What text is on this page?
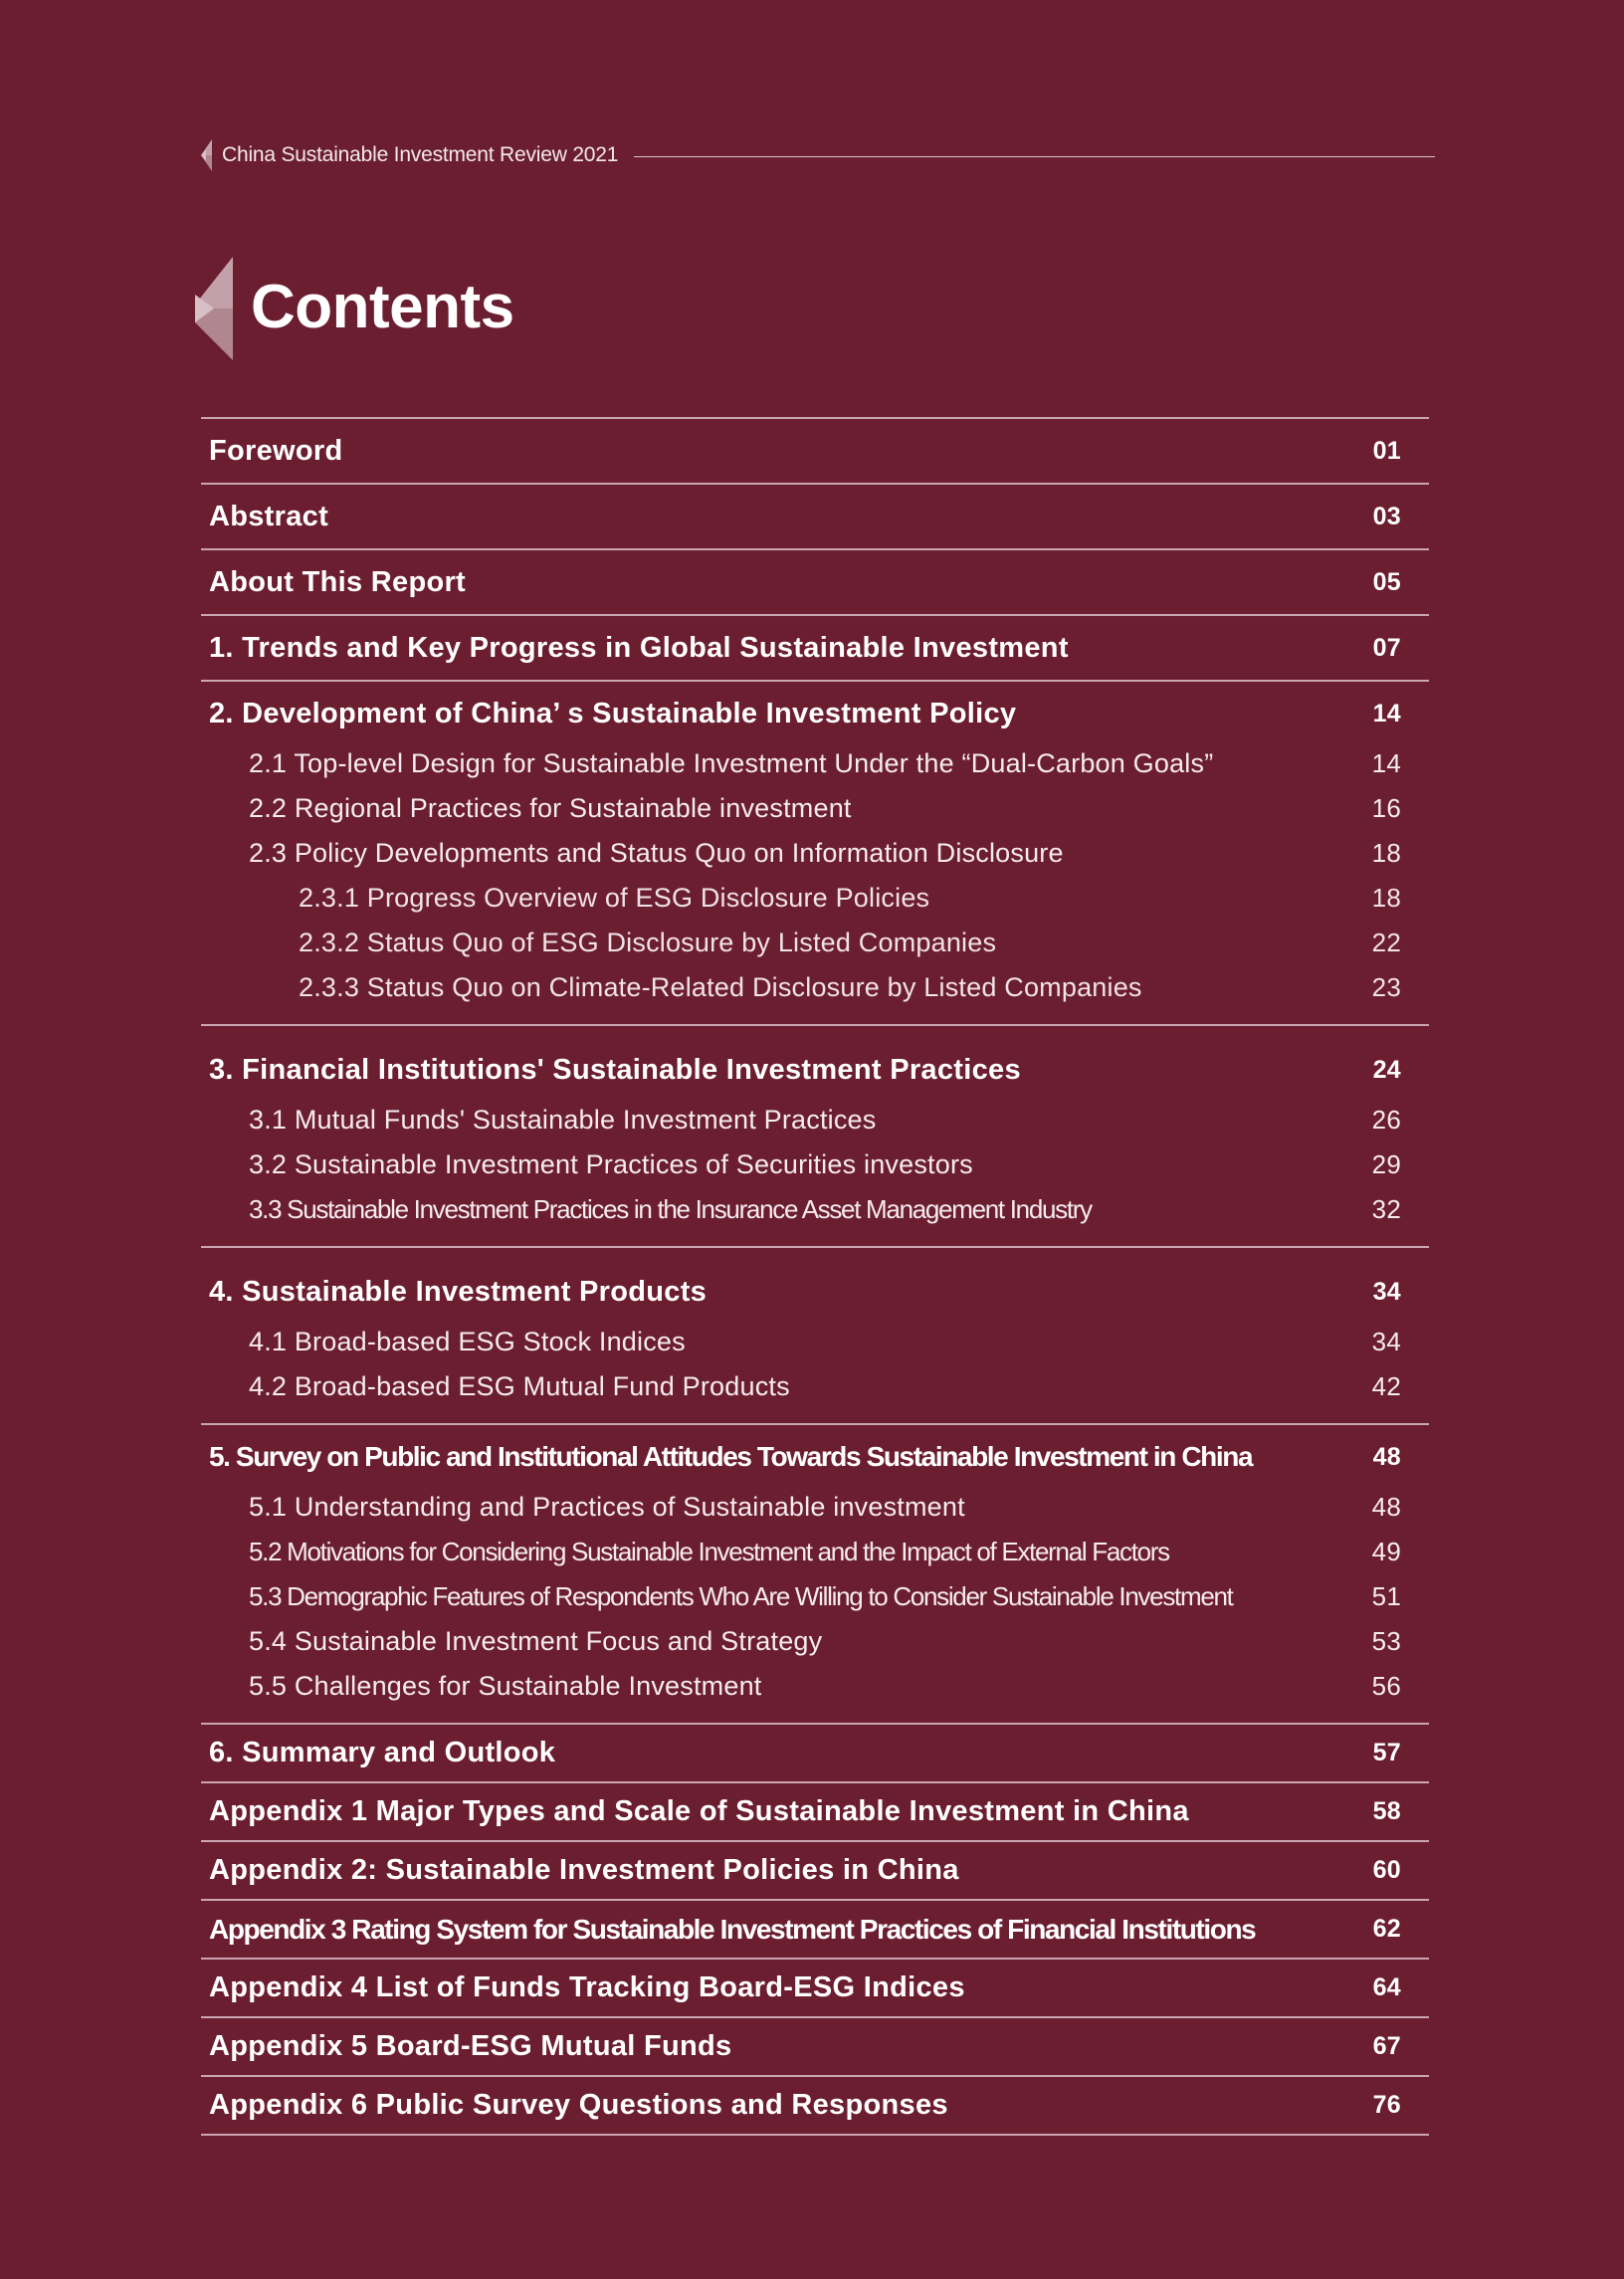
China Sustainable Investment Review 2021
Contents
Foreword	01
Abstract	03
About This Report	05
1. Trends and Key Progress in Global Sustainable Investment	07
2. Development of China’ s Sustainable Investment Policy	14
2.1 Top-level Design for Sustainable Investment Under the “Dual-Carbon Goals”	14
2.2 Regional Practices for Sustainable investment	16
2.3 Policy Developments and Status Quo on Information Disclosure	18
2.3.1 Progress Overview of ESG Disclosure Policies	18
2.3.2 Status Quo of ESG Disclosure by Listed Companies	22
2.3.3 Status Quo on Climate-Related Disclosure by Listed Companies	23
3. Financial Institutions' Sustainable Investment Practices	24
3.1 Mutual Funds' Sustainable Investment Practices	26
3.2 Sustainable Investment Practices of Securities investors	29
3.3 Sustainable Investment Practices in the Insurance Asset Management Industry	32
4. Sustainable Investment Products	34
4.1 Broad-based ESG Stock Indices	34
4.2 Broad-based ESG Mutual Fund Products	42
5. Survey on Public and Institutional Attitudes Towards Sustainable Investment in China	48
5.1 Understanding and Practices of Sustainable investment	48
5.2 Motivations for Considering Sustainable Investment and the Impact of External Factors	49
5.3 Demographic Features of Respondents Who Are Willing to Consider Sustainable Investment	51
5.4 Sustainable Investment Focus and Strategy	53
5.5 Challenges for Sustainable Investment	56
6. Summary and Outlook	57
Appendix 1 Major Types and Scale of Sustainable Investment in China	58
Appendix 2: Sustainable Investment Policies in China	60
Appendix 3 Rating System for Sustainable Investment Practices of Financial Institutions	62
Appendix 4 List of Funds Tracking Board-ESG Indices	64
Appendix 5 Board-ESG Mutual Funds	67
Appendix 6 Public Survey Questions and Responses	76
